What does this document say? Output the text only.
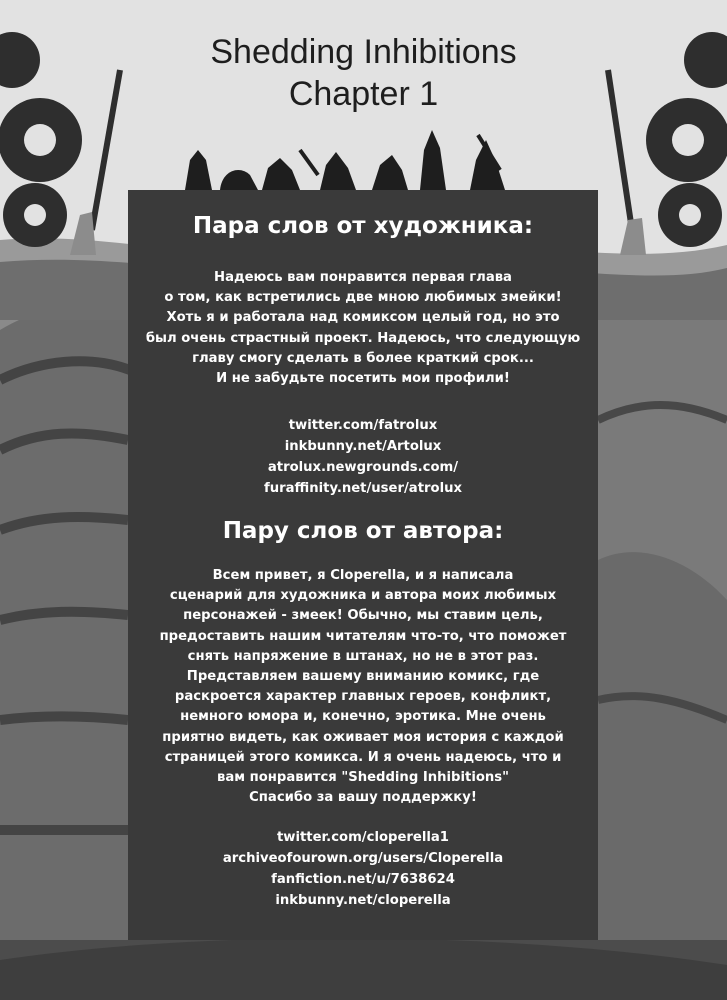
Shedding Inhibitions
Chapter 1
Пара слов от художника:
Надеюсь вам понравится первая глава
о том, как встретились две мною любимых змейки!
Хоть я и работала над комиксом целый год, но это
был очень страстный проект. Надеюсь, что следующую
главу смогу сделать в более краткий срок...
И не забудьте посетить мои профили!
twitter.com/fatrolux
inkbunny.net/Artolux
atrolux.newgrounds.com/
furaffinity.net/user/atrolux
Пару слов от автора:
Всем привет, я Cloperella, и я написала
сценарий для художника и автора моих любимых
персонажей - змеек! Обычно, мы ставим цель,
предоставить нашим читателям что-то, что поможет
снять напряжение в штанах, но не в этот раз.
Представляем вашему вниманию комикс, где
раскроется характер главных героев, конфликт,
немного юмора и, конечно, эротика. Мне очень
приятно видеть, как оживает моя история с каждой
страницей этого комикса. И я очень надеюсь, что и
вам понравится "Shedding Inhibitions"
Спасибо за вашу поддержку!
twitter.com/cloperella1
archiveofourown.org/users/Cloperella
fanfiction.net/u/7638624
inkbunny.net/cloperella
